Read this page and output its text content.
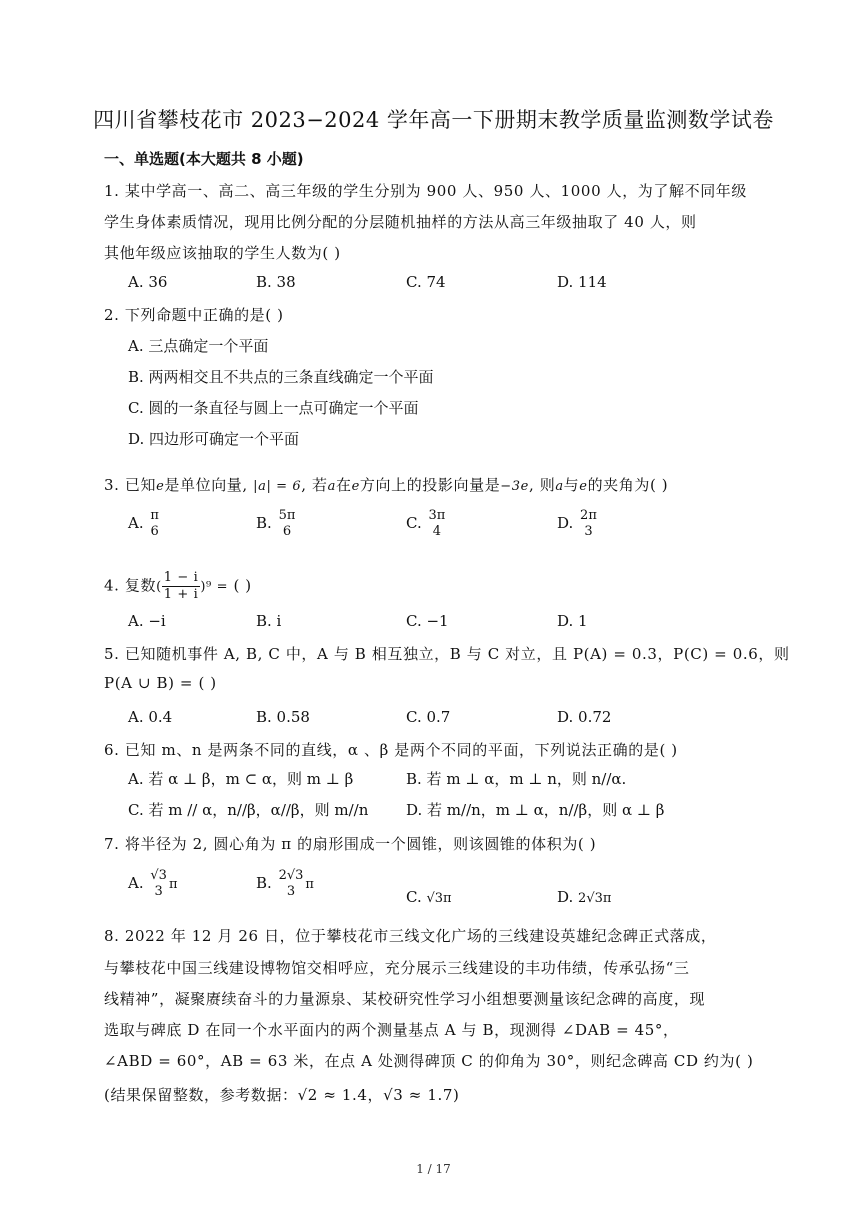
四川省攀枝花市 2023−2024 学年高一下册期末教学质量监测数学试卷
一、单选题(本大题共 8 小题)
1. 某中学高一、高二、高三年级的学生分别为 900 人、950 人、1000 人，为了解不同年级
学生身体素质情况，现用比例分配的分层随机抽样的方法从高三年级抽取了 40 人，则
其他年级应该抽取的学生人数为( )
A. 36	B. 38	C. 74	D. 114
2. 下列命题中正确的是( )
A. 三点确定一个平面
B. 两两相交且不共点的三条直线确定一个平面
C. 圆的一条直径与圆上一点可确定一个平面
D. 四边形可确定一个平面
3. 已知e是单位向量, |a| = 6, 若a在e方向上的投影向量是−3e, 则a与e的夹角为( )
A. π
6	B. 5π
6	C. 3π
4	D. 2π
3
4. 复数( $\frac{1 - i}{1 + i} )^9$ = ( )
A. −i	B. i	C. −1	D. 1
5. 已知随机事件 A, B, C 中，A 与 B 相互独立，B 与 C 对立，且 P(A) = 0.3，P(C) = 0.6，则
P(A ∪ B) = ( )
A. 0.4	B. 0.58	C. 0.7	D. 0.72
6. 已知 m、n 是两条不同的直线，α 、β 是两个不同的平面，下列说法正确的是( )
A. 若 α ⊥ β，m ⊂ α，则 m ⊥ β	B. 若 m ⊥ α，m ⊥ n，则 n//α.
C. 若 m // α，n//β，α//β，则 m//n	D. 若 m//n，m ⊥ α，n//β，则 α ⊥ β
7. 将半径为 2, 圆心角为 π 的扇形围成一个圆锥，则该圆锥的体积为( )
A. √3
3 π	B. 2√3
3 π
C. √3π	D. 2√3π
8. 2022 年 12 月 26 日，位于攀枝花市三线文化广场的三线建设英雄纪念碑正式落成，
与攀枝花中国三线建设博物馆交相呼应，充分展示三线建设的丰功伟绩，传承弘扬“三
线精神”，凝聚赓续奋斗的力量源泉、某校研究性学习小组想要测量该纪念碑的高度，现
选取与碑底 D 在同一个水平面内的两个测量基点 A 与 B，现测得 ∠DAB = 45°，
∠ABD = 60°，AB = 63 米，在点 A 处测得碑顶 C 的仰角为 30°，则纪念碑高 CD 约为( )
(结果保留整数，参考数据：√2 ≈ 1.4，√3 ≈ 1.7)
1 / 17
